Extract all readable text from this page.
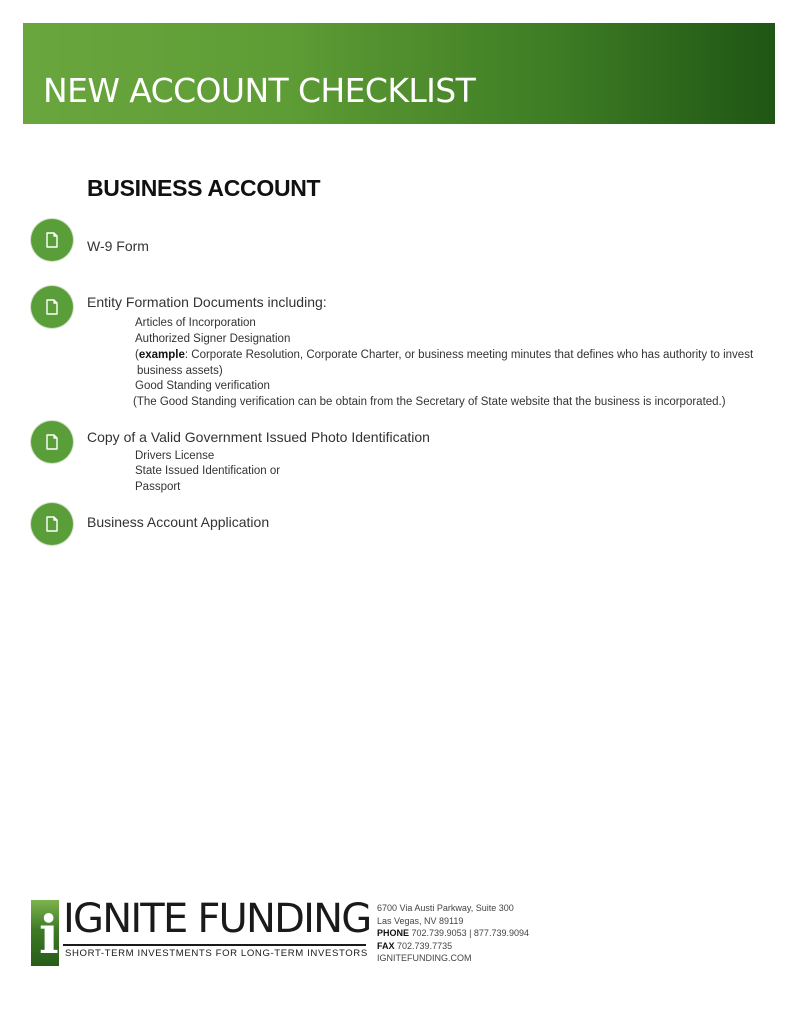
NEW ACCOUNT CHECKLIST
BUSINESS ACCOUNT
W-9 Form
Entity Formation Documents including:
Articles of Incorporation
Authorized Signer Designation
(example: Corporate Resolution, Corporate Charter, or business meeting minutes that defines who has authority to invest
business assets)
Good Standing verification
(The Good Standing verification can be obtain from the Secretary of State website that the business is incorporated.)
Copy of a Valid Government Issued Photo Identification
Drivers License
State Issued Identification or
Passport
Business Account Application
i IGNITE FUNDING
SHORT-TERM INVESTMENTS FOR LONG-TERM INVESTORS
6700 Via Austi Parkway, Suite 300
Las Vegas, NV 89119
PHONE 702.739.9053 | 877.739.9094
FAX 702.739.7735
IGNITEFUNDING.COM
